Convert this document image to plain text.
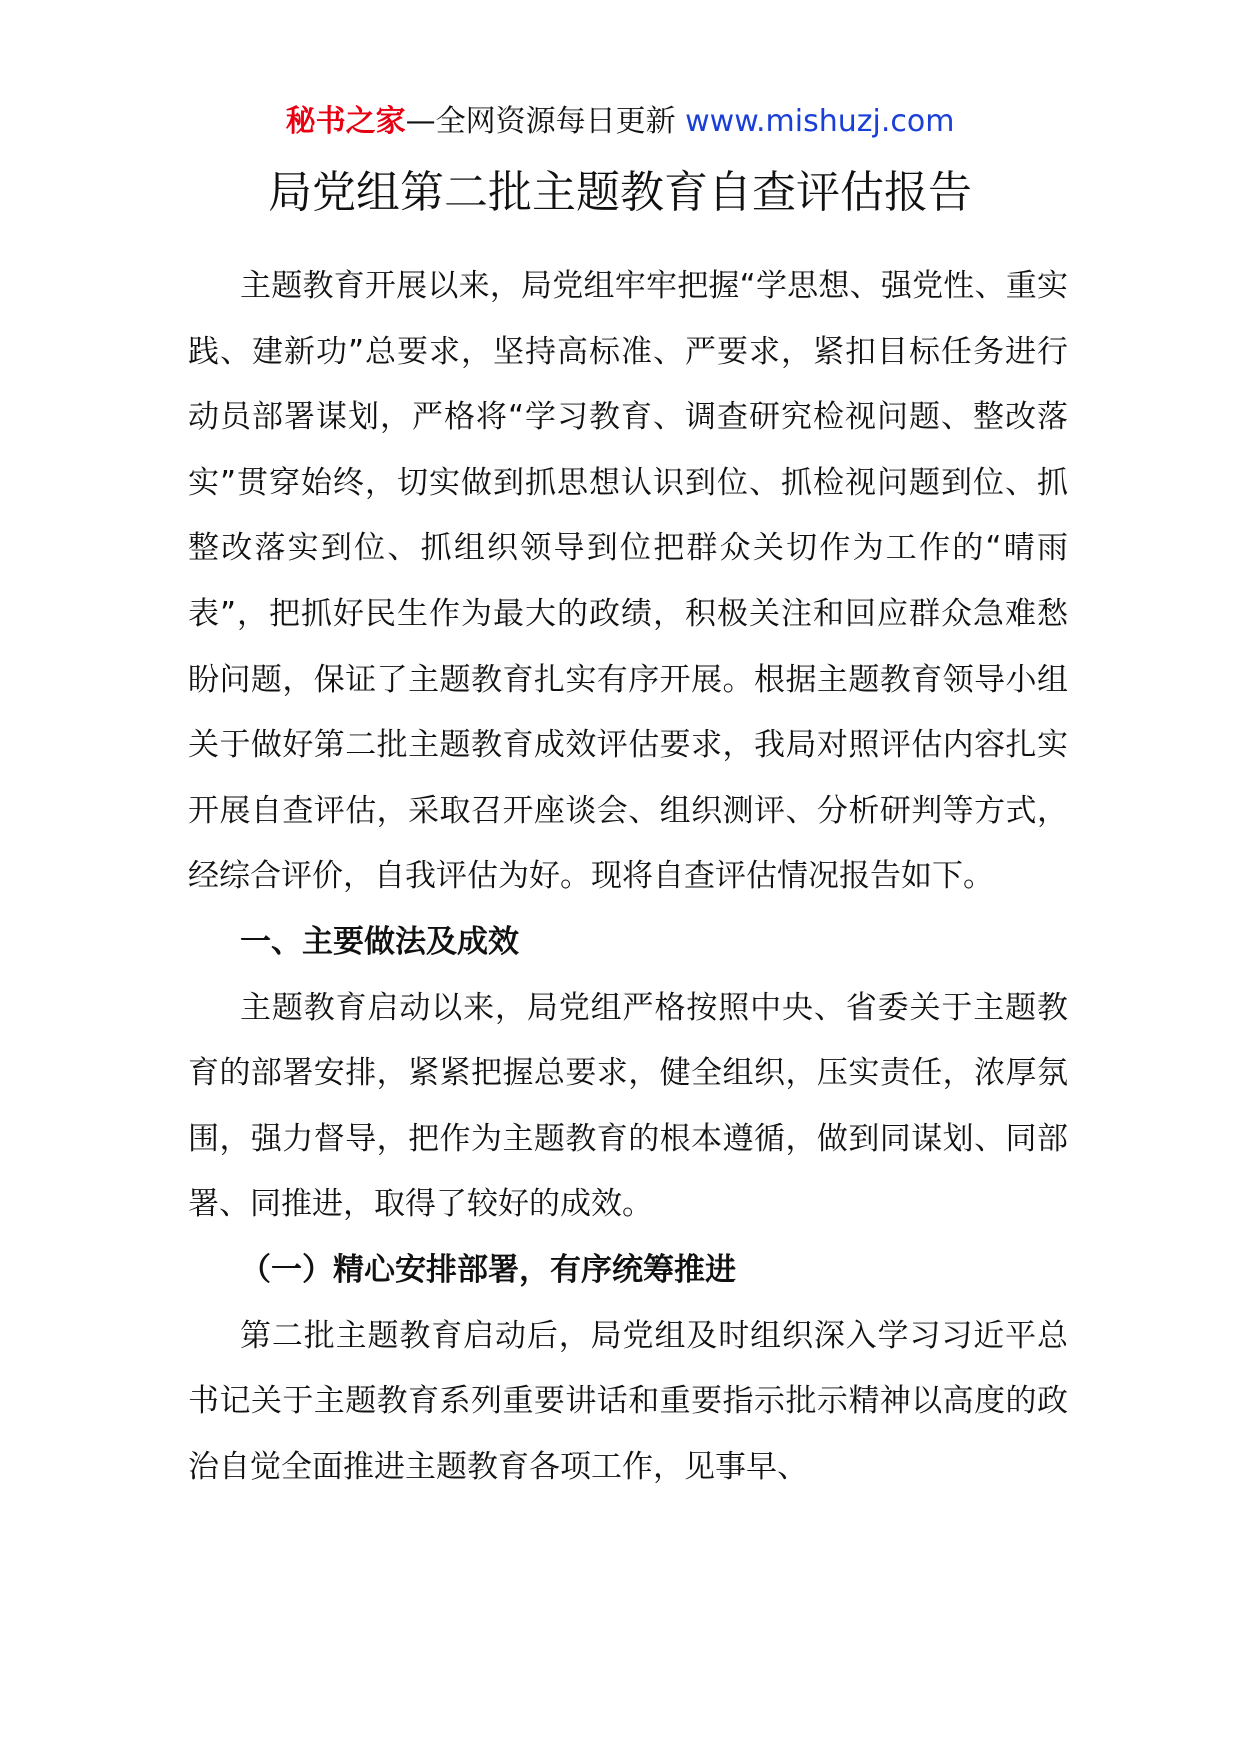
秘书之家—全网资源每日更新 www.mishuzj.com
局党组第二批主题教育自查评估报告

主题教育开展以来，局党组牢牢把握“学思想、强党性、重实践、建新功”总要求，坚持高标准、严要求，紧扣目标任务进行动员部署谋划，严格将“学习教育、调查研究检视问题、整改落实”贯穿始终，切实做到抓思想认识到位、抓检视问题到位、抓整改落实到位、抓组织领导到位把群众关切作为工作的“晴雨表”，把抓好民生作为最大的政绩，积极关注和回应群众急难愁盼问题，保证了主题教育扎实有序开展。根据主题教育领导小组关于做好第二批主题教育成效评估要求，我局对照评估内容扎实开展自查评估，采取召开座谈会、组织测评、分析研判等方式，经综合评价，自我评估为好。现将自查评估情况报告如下。

一、主要做法及成效

主题教育启动以来，局党组严格按照中央、省委关于主题教育的部署安排，紧紧把握总要求，健全组织，压实责任，浓厚氛围，强力督导，把作为主题教育的根本遵循，做到同谋划、同部署、同推进，取得了较好的成效。

（一）精心安排部署，有序统筹推进

第二批主题教育启动后，局党组及时组织深入学习习近平总书记关于主题教育系列重要讲话和重要指示批示精神以高度的政治自觉全面推进主题教育各项工作，见事早、
